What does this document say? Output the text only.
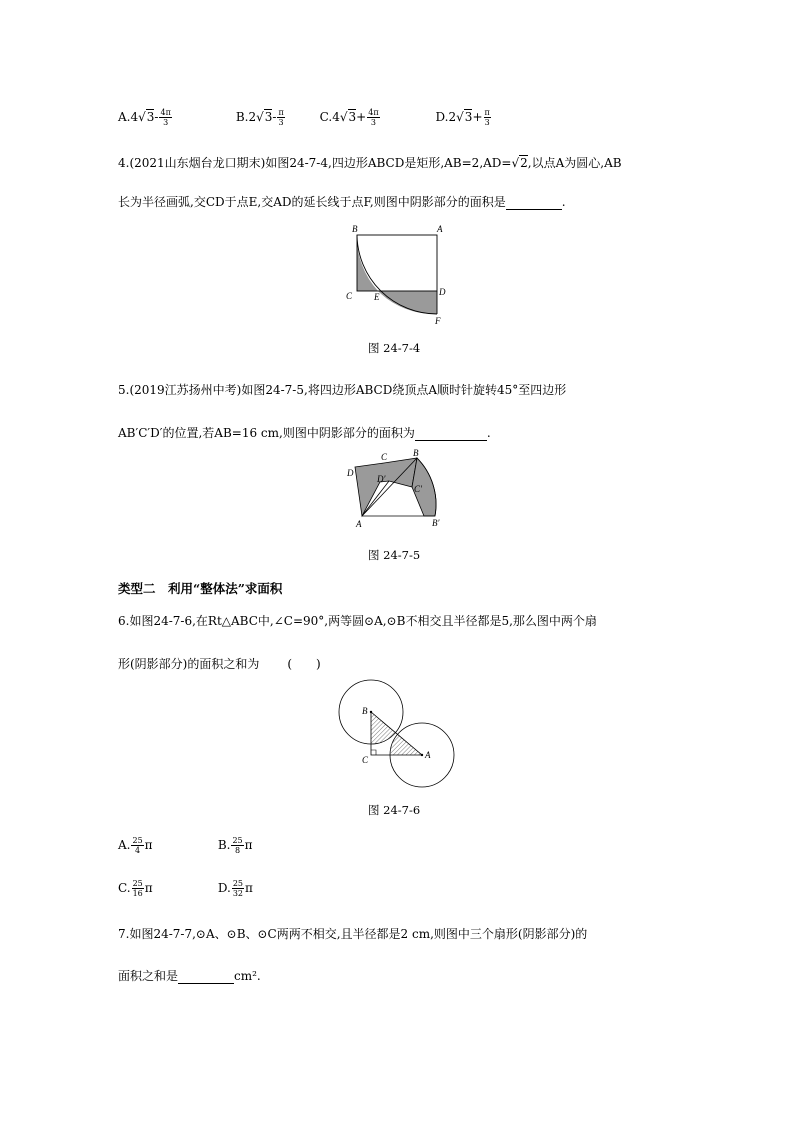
$A.4√3- \frac{4\pi}{3}$	$B.2√3- \frac{\pi}{3}$	$C.4√3+ \frac{4\pi}{3}$	$D.2√3+ \frac{\pi}{3}$
4.(2021山东烟台龙口期末)如图24-7-4,四边形ABCD是矩形,AB=2,AD=√2,以点A为圆心,AB
长为半径画弧,交CD于点E,交AD的延长线于点F,则图中阴影部分的面积是	.
B	A
C E	D
F
图 24-7-4
5.(2019江苏扬州中考)如图24-7-5,将四边形ABCD绕顶点A顺时针旋转45°至四边形
AB′C′D′的位置,若AB=16 cm,则图中阴影部分的面积为	.
D
C	B
D′
C′
A	B′
图 24-7-5
类型二　利用“整体法”求面积
6.如图24-7-6,在Rt△ABC中,∠C=90°,两等圆⊙A,⊙B不相交且半径都是5,那么图中两个扇
形(阴影部分)的面积之和为 (　　)
B
C	A
图 24-7-6
A. $\frac{25}{4}$ π	B. $\frac{25}{8}$ π
C. $\frac{25}{16}$ π	D. $\frac{25}{32}$ π
7.如图24-7-7,⊙A、⊙B、⊙C两两不相交,且半径都是2 cm,则图中三个扇形(阴影部分)的
面积之和是	cm².
